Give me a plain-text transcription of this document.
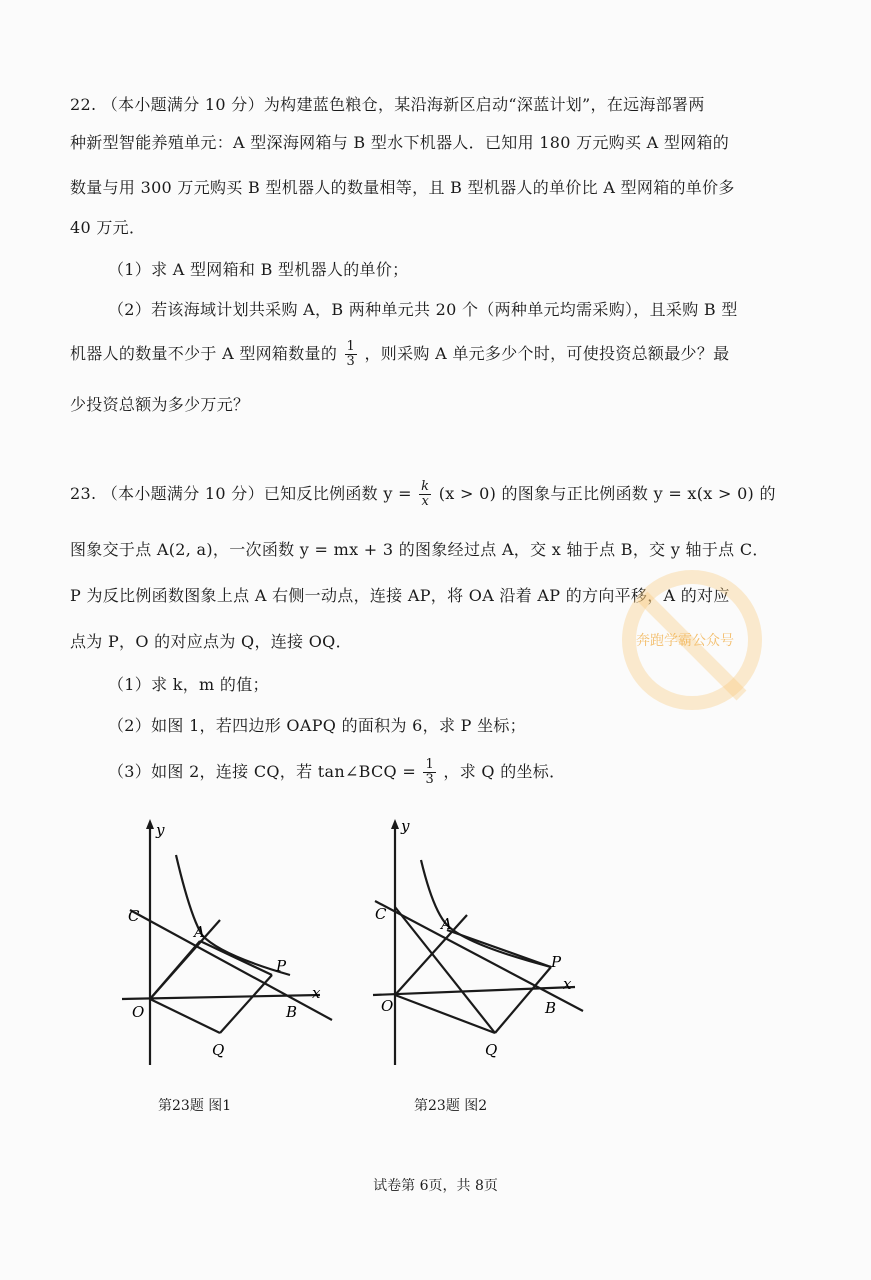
22. （本小题满分 10 分）为构建蓝色粮仓，某沿海新区启动“深蓝计划”，在远海部署两
种新型智能养殖单元：A 型深海网箱与 B 型水下机器人．已知用 180 万元购买 A 型网箱的
数量与用 300 万元购买 B 型机器人的数量相等，且 B 型机器人的单价比 A 型网箱的单价多
40 万元．
（1）求 A 型网箱和 B 型机器人的单价；
（2）若该海域计划共采购 A，B 两种单元共 20 个（两种单元均需采购），且采购 B 型
机器人的数量不少于 A 型网箱数量的 $\frac{1}{3}$ ，则采购 A 单元多少个时，可使投资总额最少？最
少投资总额为多少万元？
23. （本小题满分 10 分）已知反比例函数 $y = \frac{k}{x} (x > 0)$ 的图象与正比例函数 y = x(x > 0) 的
图象交于点 A(2, a)，一次函数 y = mx + 3 的图象经过点 A，交 x 轴于点 B，交 y 轴于点 C．
P 为反比例函数图象上点 A 右侧一动点，连接 AP，将 OA 沿着 AP 的方向平移，A 的对应
点为 P，O 的对应点为 Q，连接 OQ．
（1）求 k，m 的值；
（2）如图 1，若四边形 OAPQ 的面积为 6，求 P 坐标；
（3）如图 2，连接 CQ，若 tan∠BCQ = $\frac{1}{3}$ ，求 Q 的坐标．
奔跑学霸公众号
y
x
C
A
P
O	B
Q
第23题 图1
y
x
C
A
P
O	B
Q
第23题 图2
试卷第 6页，共 8页
